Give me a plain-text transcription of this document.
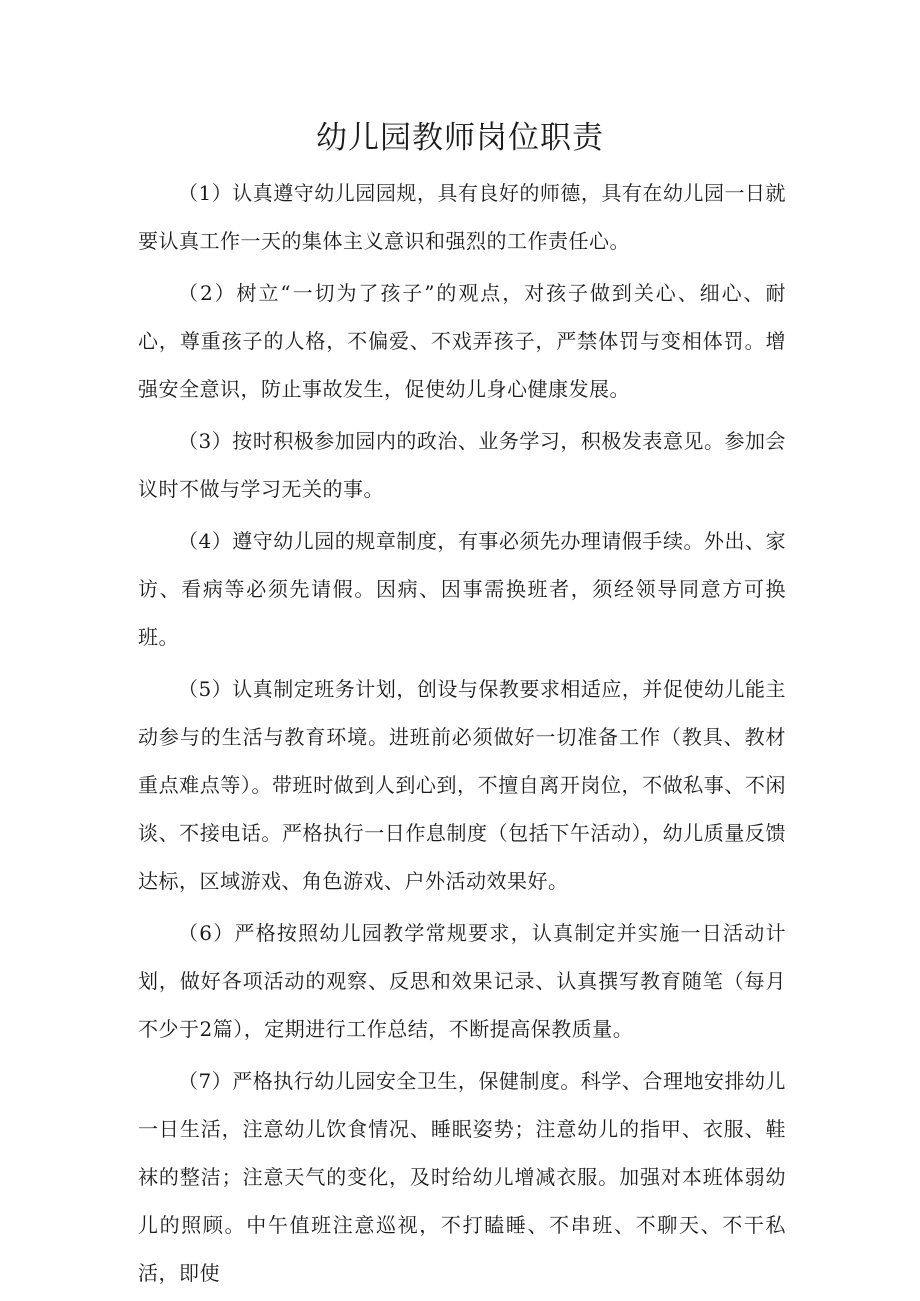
幼儿园教师岗位职责

（1）认真遵守幼儿园园规，具有良好的师德，具有在幼儿园一日就要认真工作一天的集体主义意识和强烈的工作责任心。

（2）树立“一切为了孩子”的观点，对孩子做到关心、细心、耐心，尊重孩子的人格，不偏爱、不戏弄孩子，严禁体罚与变相体罚。增强安全意识，防止事故发生，促使幼儿身心健康发展。

（3）按时积极参加园内的政治、业务学习，积极发表意见。参加会议时不做与学习无关的事。

（4）遵守幼儿园的规章制度，有事必须先办理请假手续。外出、家访、看病等必须先请假。因病、因事需换班者，须经领导同意方可换班。

（5）认真制定班务计划，创设与保教要求相适应，并促使幼儿能主动参与的生活与教育环境。进班前必须做好一切准备工作（教具、教材重点难点等）。带班时做到人到心到，不擅自离开岗位，不做私事、不闲谈、不接电话。严格执行一日作息制度（包括下午活动），幼儿质量反馈达标，区域游戏、角色游戏、户外活动效果好。

（6）严格按照幼儿园教学常规要求，认真制定并实施一日活动计划，做好各项活动的观察、反思和效果记录、认真撰写教育随笔（每月不少于2篇），定期进行工作总结，不断提高保教质量。

（7）严格执行幼儿园安全卫生，保健制度。科学、合理地安排幼儿一日生活，注意幼儿饮食情况、睡眠姿势；注意幼儿的指甲、衣服、鞋袜的整洁；注意天气的变化，及时给幼儿增减衣服。加强对本班体弱幼儿的照顾。中午值班注意巡视，不打瞌睡、不串班、不聊天、不干私活，即使
